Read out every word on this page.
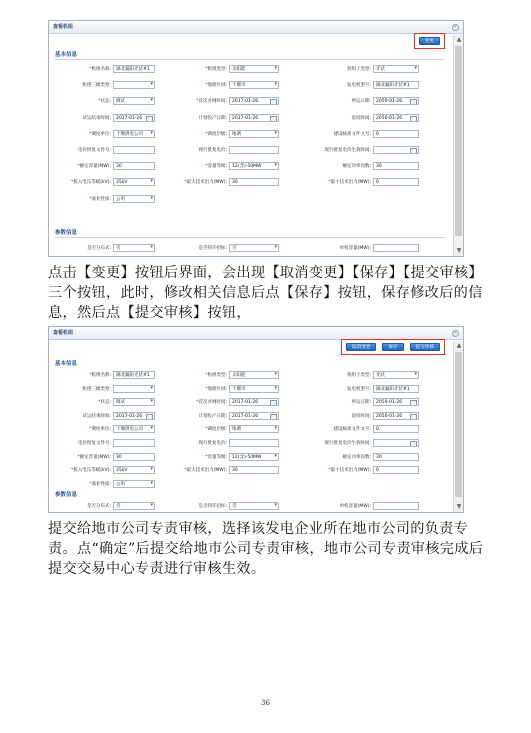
查看机组	×
▲
▼
变更
基本信息
参数信息
*机组名称:	湖北襄阳光伏#1	*机组类型:	太阳能 ▾	机组子类型:	光伏 ▾
机组三级类型: ▾	*地理区域:	十堰市 ▾	发电机型号:	湖北襄阳光伏#1
*状态:	调试 ▾	*首次并网时间:	2017-01-26	停运日期:	2050-01-26
试运结束时间:	2017-01-26	计划投产日期:	2017-01-26	退役时间:	2050-01-26
*调度单位:	十堰供电公司 ▾	*调度层级:	地调 ▾	建设核准文件文号:	0
电价批复文件号:	现行批复电价:	现行批复电价生效时间:
*额定容量(MW):	30	*容量等级:	12(含)-50MW ▾	额定功率因数:	30
*接入电压等级(kV):	35kV ▾	*最大技术出力(MW):	30	*最小技术出力(MW):	0
*商业性质:	公用 ▾
是否分布式:	否 ▾	是否特许招标:	否 ▾	单机容量(MW):

点击【变更】按钮后界面，会出现【取消变更】【保存】【提交审核】三个按钮，此时，修改相关信息后点【保存】按钮，保存修改后的信息，然后点【提交审核】按钮，

查看机组	×
▲
▼
取消变更	保存	提交审核
基本信息
参数信息
*机组名称:	湖北襄阳光伏#1	*机组类型:	太阳能 ▾	机组子类型:	光伏 ▾
机组三级类型: ▾	*地理区域:	十堰市 ▾	发电机型号:	湖北襄阳光伏#1
*状态:	调试 ▾	*首次并网时间:	2017-01-26	停运日期:	2050-01-26
试运结束时间:	2017-01-26	计划投产日期:	2017-01-26	退役时间:	2050-01-26
*调度单位:	十堰供电公司 ▾	*调度层级:	地调 ▾	建设核准文件文号:	0
电价批复文件号:	现行批复电价:	现行批复电价生效时间:
*额定容量(MW):	30	*容量等级:	12(含)-50MW ▾	额定功率因数:	30
*接入电压等级(kV):	35kV ▾	*最大技术出力(MW):	30	*最小技术出力(MW):	0
*商业性质:	公用 ▾
是否分布式:	否 ▾	是否特许招标:	否 ▾	单机容量(MW):

提交给地市公司专责审核，选择该发电企业所在地市公司的负责专责。点“确定”后提交给地市公司专责审核，地市公司专责审核完成后提交交易中心专责进行审核生效。

36
